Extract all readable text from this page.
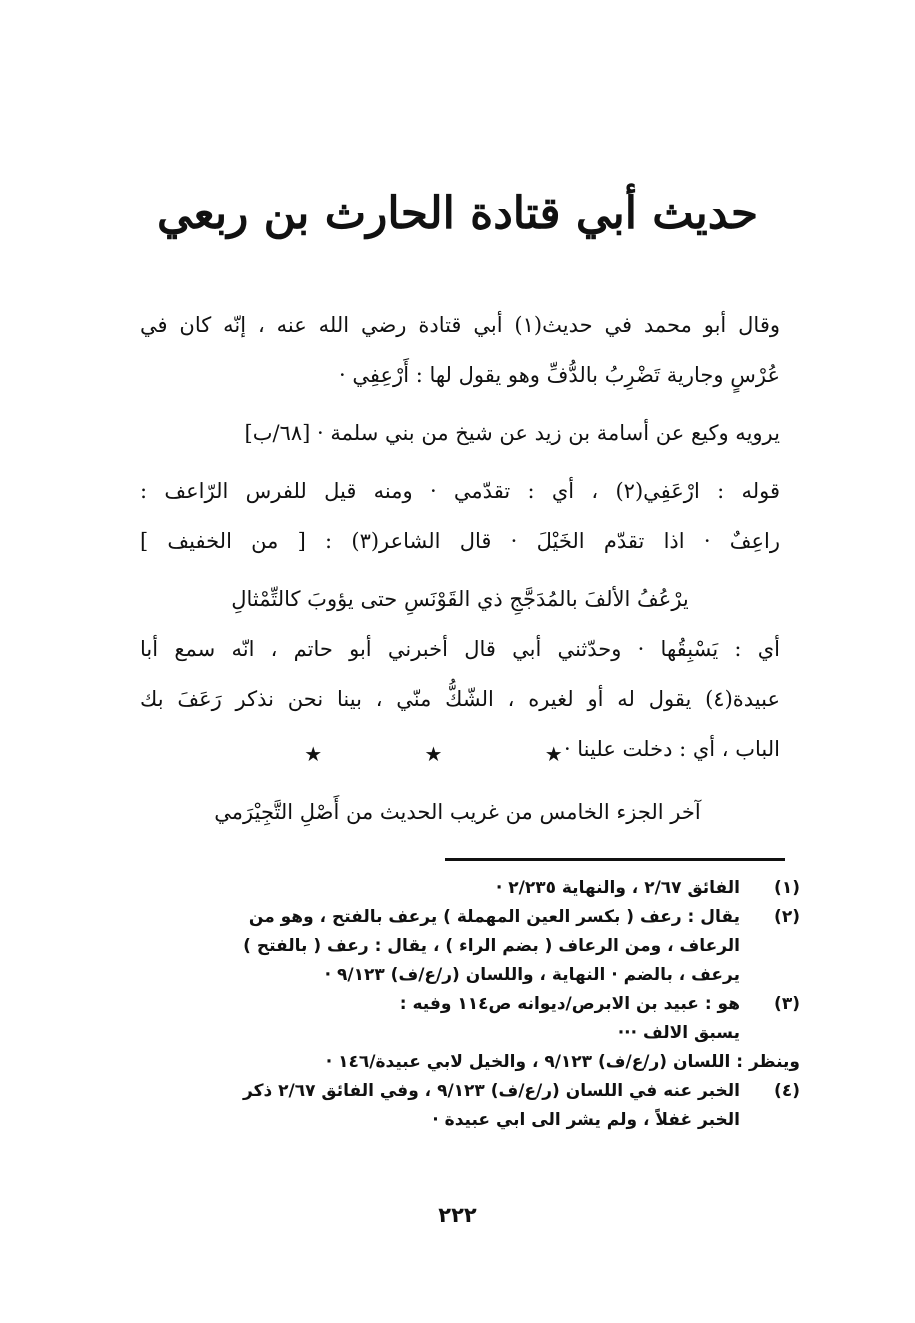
حديث أبي قتادة الحارث بن ربعي
وقال أبو محمد في حديث(١) أبي قتادة رضي الله عنه ، إنّه كان في
عُرْسٍ وجارية تَضْرِبُ بالدُّفِّ وهو يقول لها : أَرْعِفِي ·
يرويه وكيع عن أسامة بن زيد عن شيخ من بني سلمة · [٦٨/ب]
قوله : ارْعَفِي(٢) ، أي : تقدّمي · ومنه قيل للفرس الرّاعف :
راعِفٌ · اذا تقدّم الخَيْلَ · قال الشاعر(٣) : [ من الخفيف ]
يرْعُفُ الألفَ بالمُدَجَّجِ ذي القَوْنَسِ حتى يؤوبَ كالتِّمْثالِ
أي : يَسْبِقُها · وحدّثني أبي قال أخبرني أبو حاتم ، انّه سمع أبا
عبيدة(٤) يقول له أو لغيره ، الشّكُّ منّي ، بينا نحن نذكر رَعَفَ بك
الباب ، أي : دخلت علينا ·
★ ★ ★
آخر الجزء الخامس من غريب الحديث من أَصْلِ التَّجِيْرَمي
(١)
الفائق ٢/٦٧ ، والنهاية ٢/٢٣٥ ·
(٢)
يقال : رعف ( بكسر العين المهملة ) يرعف بالفتح ، وهو من
الرعاف ، ومن الرعاف ( بضم الراء ) ، يقال : رعف ( بالفتح )
يرعف ، بالضم · النهاية ، واللسان (ر/ع/ف) ٩/١٢٣ ·
(٣)
هو : عبيد بن الابرص/ديوانه ص١١٤ وفيه :
يسبق الالف ···
وينظر : اللسان (ر/ع/ف) ٩/١٢٣ ، والخيل لابي عبيدة/١٤٦ ·
(٤)
الخبر عنه في اللسان (ر/ع/ف) ٩/١٢٣ ، وفي الفائق ٢/٦٧ ذكر
الخبر غفلاً ، ولم يشر الى ابي عبيدة ·
٢٢٢
